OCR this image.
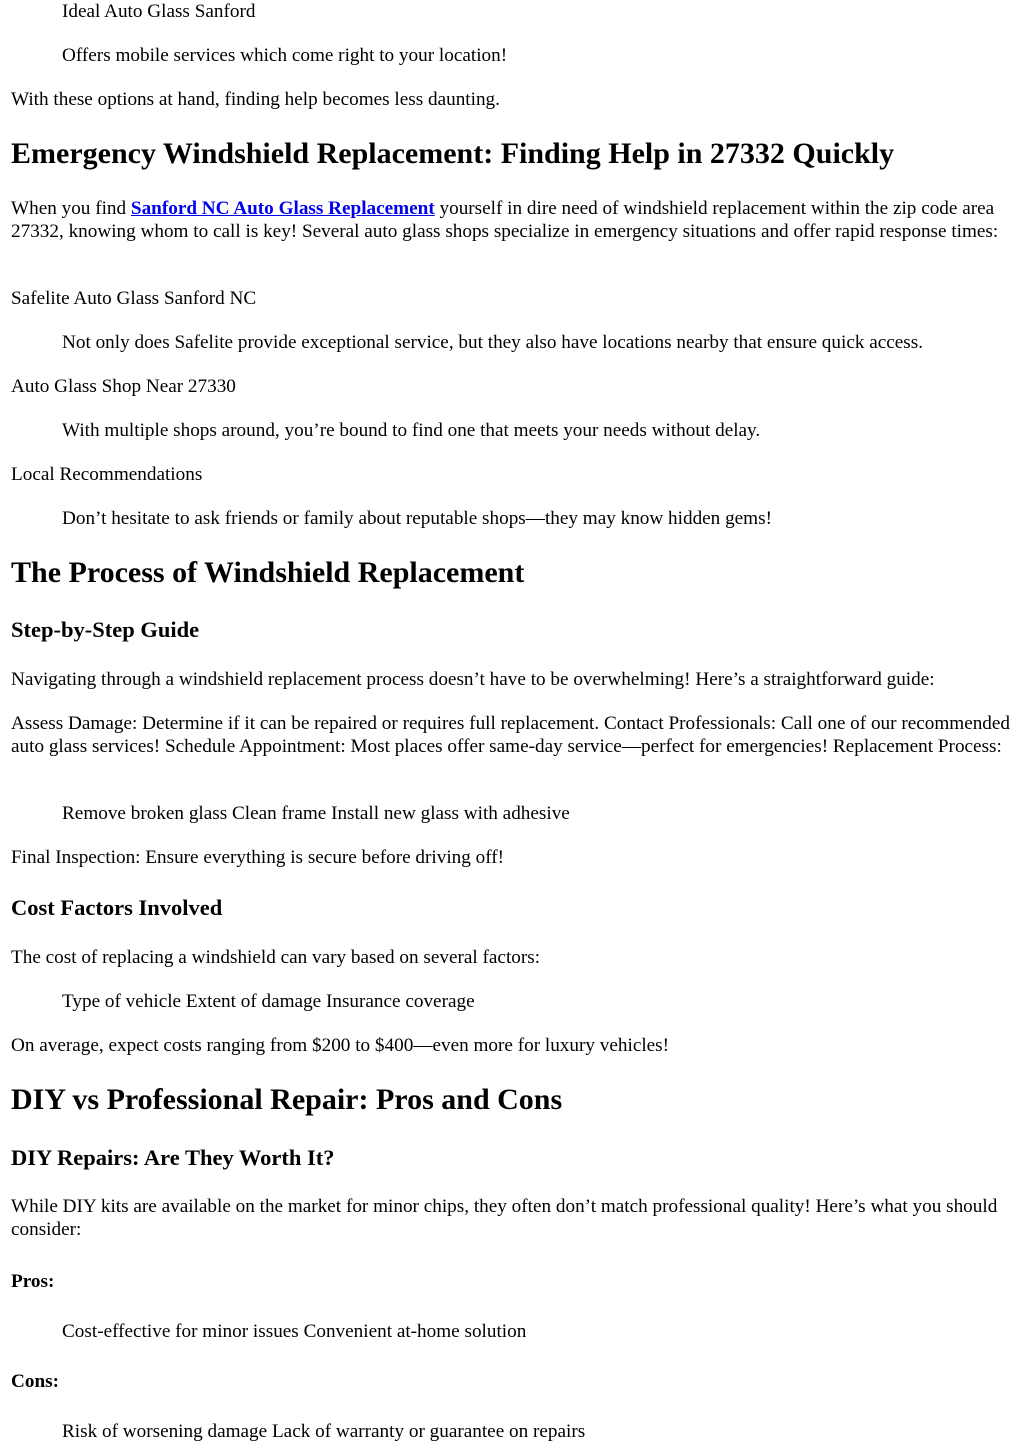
Ideal Auto Glass Sanford

Offers mobile services which come right to your location!

With these options at hand, finding help becomes less daunting.

Emergency Windshield Replacement: Finding Help in 27332 Quickly

When you find Sanford NC Auto Glass Replacement yourself in dire need of windshield replacement within the zip code area 27332, knowing whom to call is key! Several auto glass shops specialize in emergency situations and offer rapid response times:

Safelite Auto Glass Sanford NC

Not only does Safelite provide exceptional service, but they also have locations nearby that ensure quick access.

Auto Glass Shop Near 27330

With multiple shops around, you’re bound to find one that meets your needs without delay.

Local Recommendations

Don’t hesitate to ask friends or family about reputable shops—they may know hidden gems!

The Process of Windshield Replacement
Step-by-Step Guide

Navigating through a windshield replacement process doesn’t have to be overwhelming! Here’s a straightforward guide:

Assess Damage: Determine if it can be repaired or requires full replacement. Contact Professionals: Call one of our recommended auto glass services! Schedule Appointment: Most places offer same-day service—perfect for emergencies! Replacement Process:

Remove broken glass Clean frame Install new glass with adhesive

Final Inspection: Ensure everything is secure before driving off!

Cost Factors Involved

The cost of replacing a windshield can vary based on several factors:

Type of vehicle Extent of damage Insurance coverage

On average, expect costs ranging from $200 to $400—even more for luxury vehicles!

DIY vs Professional Repair: Pros and Cons
DIY Repairs: Are They Worth It?

While DIY kits are available on the market for minor chips, they often don’t match professional quality! Here’s what you should consider:

Pros:

Cost-effective for minor issues Convenient at-home solution

Cons:

Risk of worsening damage Lack of warranty or guarantee on repairs
